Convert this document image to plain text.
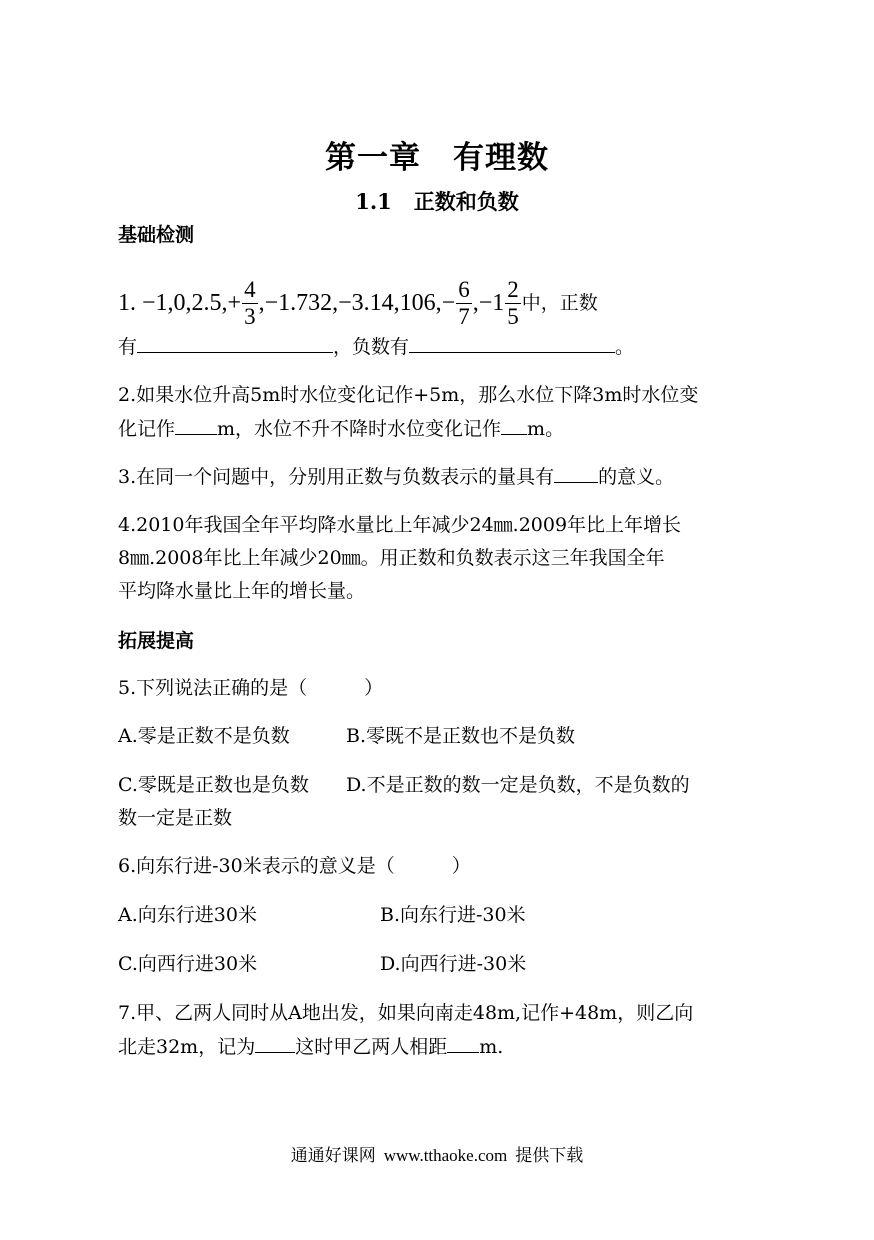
第一章　有理数
1.1 正数和负数
基础检测
1. $-1,0,2.5,+ \frac{4}{3} ,-1.732,-3.14,106,- \frac{6}{7} ,-1 \frac{2}{5}$ 中，正数
有	，负数有	。
2.如果水位升高5m时水位变化记作+5m，那么水位下降3m时水位变
化记作 m，水位不升不降时水位变化记作 m。
3.在同一个问题中，分别用正数与负数表示的量具有 的意义。
4.2010年我国全年平均降水量比上年减少24㎜.2009年比上年增长
8㎜.2008年比上年减少20㎜。用正数和负数表示这三年我国全年
平均降水量比上年的增长量。
拓展提高
5.下列说法正确的是（　　　）
A.零是正数不是负数	B.零既不是正数也不是负数
C.零既是正数也是负数 D.不是正数的数一定是负数，不是负数的
数一定是正数
6.向东行进-30米表示的意义是（　　　）
A.向东行进30米	B.向东行进-30米
C.向西行进30米	D.向西行进-30米
7.甲、乙两人同时从A地出发，如果向南走48m,记作+48m，则乙向
北走32m，记为 这时甲乙两人相距 m.
通通好课网 www.tthaoke.com 提供下载
